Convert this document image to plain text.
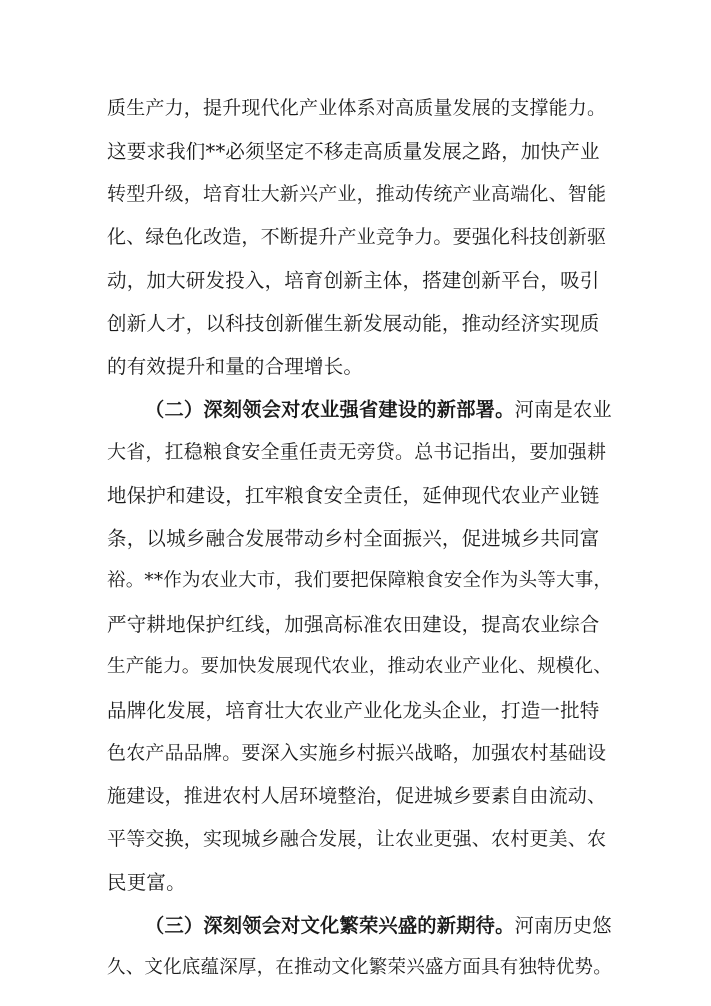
质生产力，提升现代化产业体系对高质量发展的支撑能力。
这要求我们**必须坚定不移走高质量发展之路，加快产业
转型升级，培育壮大新兴产业，推动传统产业高端化、智能
化、绿色化改造，不断提升产业竞争力。要强化科技创新驱
动，加大研发投入，培育创新主体，搭建创新平台，吸引
创新人才，以科技创新催生新发展动能，推动经济实现质
的有效提升和量的合理增长。
（二）深刻领会对农业强省建设的新部署。河南是农业
大省，扛稳粮食安全重任责无旁贷。总书记指出，要加强耕
地保护和建设，扛牢粮食安全责任，延伸现代农业产业链
条，以城乡融合发展带动乡村全面振兴，促进城乡共同富
裕。**作为农业大市，我们要把保障粮食安全作为头等大事，
严守耕地保护红线，加强高标准农田建设，提高农业综合
生产能力。要加快发展现代农业，推动农业产业化、规模化、
品牌化发展，培育壮大农业产业化龙头企业，打造一批特
色农产品品牌。要深入实施乡村振兴战略，加强农村基础设
施建设，推进农村人居环境整治，促进城乡要素自由流动、
平等交换，实现城乡融合发展，让农业更强、农村更美、农
民更富。
（三）深刻领会对文化繁荣兴盛的新期待。河南历史悠
久、文化底蕴深厚，在推动文化繁荣兴盛方面具有独特优势。
